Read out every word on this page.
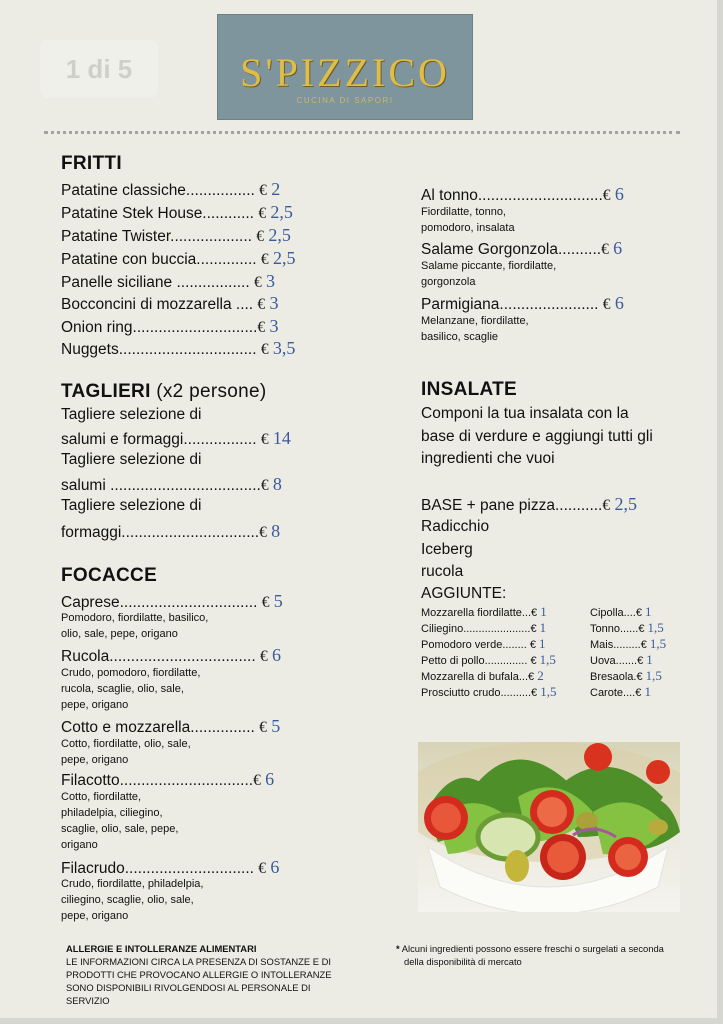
1 di 5	S'PIZZICO
CUCINA DI SAPORI
FRITTI
Patatine classiche................ € 2
Patatine Stek House............ € 2,5
Patatine Twister................... € 2,5
Patatine con buccia.............. € 2,5
Panelle siciliane ................. € 3
Bocconcini di mozzarella .... € 3
Onion ring.............................€ 3
Nuggets................................ € 3,5
TAGLIERI (x2 persone)
Tagliere selezione di
salumi e formaggi................. € 14
Tagliere selezione di
salumi ...................................€ 8
Tagliere selezione di
formaggi................................€ 8
FOCACCE
Caprese................................ € 5
Pomodoro, fiordilatte, basilico,
olio, sale, pepe, origano
Rucola.................................. € 6
Crudo, pomodoro, fiordilatte,
rucola, scaglie, olio, sale,
pepe, origano
Cotto e mozzarella............... € 5
Cotto, fiordilatte, olio, sale,
pepe, origano
Filacotto...............................€ 6
Cotto, fiordilatte,
philadelpia, ciliegino,
scaglie, olio, sale, pepe,
origano
Filacrudo.............................. € 6
Crudo, fiordilatte, philadelpia,
ciliegino, scaglie, olio, sale,
pepe, origano
Al tonno.............................€ 6
Fiordilatte, tonno,
pomodoro, insalata
Salame Gorgonzola..........€ 6
Salame piccante, fiordilatte,
gorgonzola
Parmigiana....................... € 6
Melanzane, fiordilatte,
basilico, scaglie
INSALATE
Componi la tua insalata con la
base di verdure e aggiungi tutti gli
ingredienti che vuoi
BASE + pane pizza...........€ 2,5
Radicchio
Iceberg
rucola
AGGIUNTE:
Mozzarella fiordilatte...€ 1
Ciliegino......................€ 1
Pomodoro verde........ € 1
Petto di pollo.............. € 1,5
Mozzarella di bufala...€ 2
Prosciutto crudo..........€ 1,5
Cipolla....€ 1
Tonno......€ 1,5
Mais.........€ 1,5
Uova.......€ 1
Bresaola.€ 1,5
Carote....€ 1
ALLERGIE E INTOLLERANZE ALIMENTARI
LE INFORMAZIONI CIRCA LA PRESENZA DI SOSTANZE E DI
PRODOTTI CHE PROVOCANO ALLERGIE O INTOLLERANZE
SONO DISPONIBILI RIVOLGENDOSI AL PERSONALE DI
SERVIZIO
* Alcuni ingredienti possono essere freschi o surgelati a seconda
della disponibilità di mercato
